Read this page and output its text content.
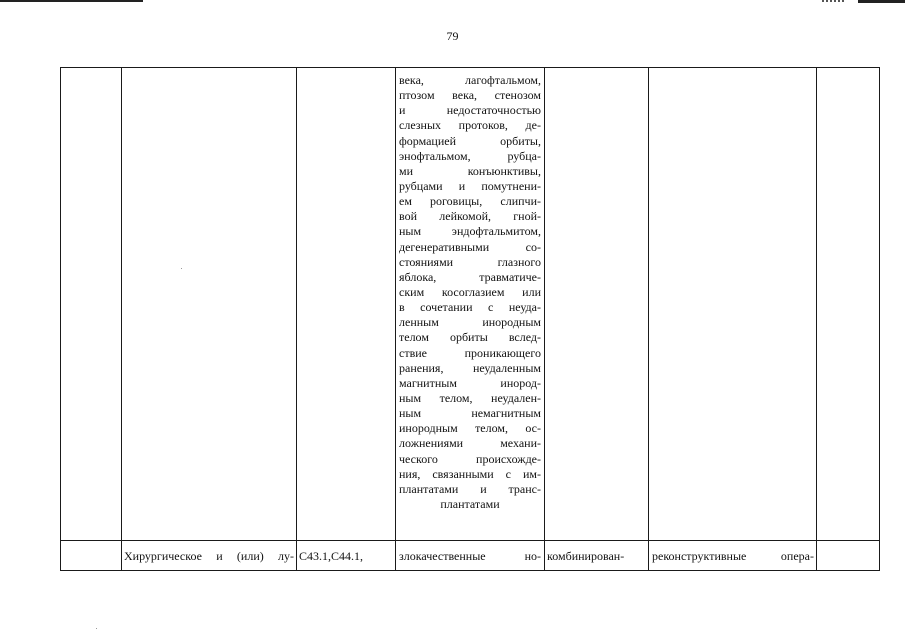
79
века, лагофтальмом,
птозом века, стенозом
и недостаточностью
слезных протоков, де-
формацией орбиты,
энофтальмом, рубца-
ми конъюнктивы,
рубцами и помутнени-
ем роговицы, слипчи-
вой лейкомой, гной-
ным эндофтальмитом,
дегенеративными со-
стояниями глазного
яблока, травматиче-
ским косоглазием или
в сочетании с неуда-
ленным инородным
телом орбиты вслед-
ствие проникающего
ранения, неудаленным
магнитным инород-
ным телом, неудален-
ным немагнитным
инородным телом, ос-
ложнениями механи-
ческого происхожде-
ния, связанными с им-
плантатами и транс-
плантатами
Хирургическое и (или) лу- C43.1,C44.1,	злокачественные но- комбинирован- реконструктивные опера-
